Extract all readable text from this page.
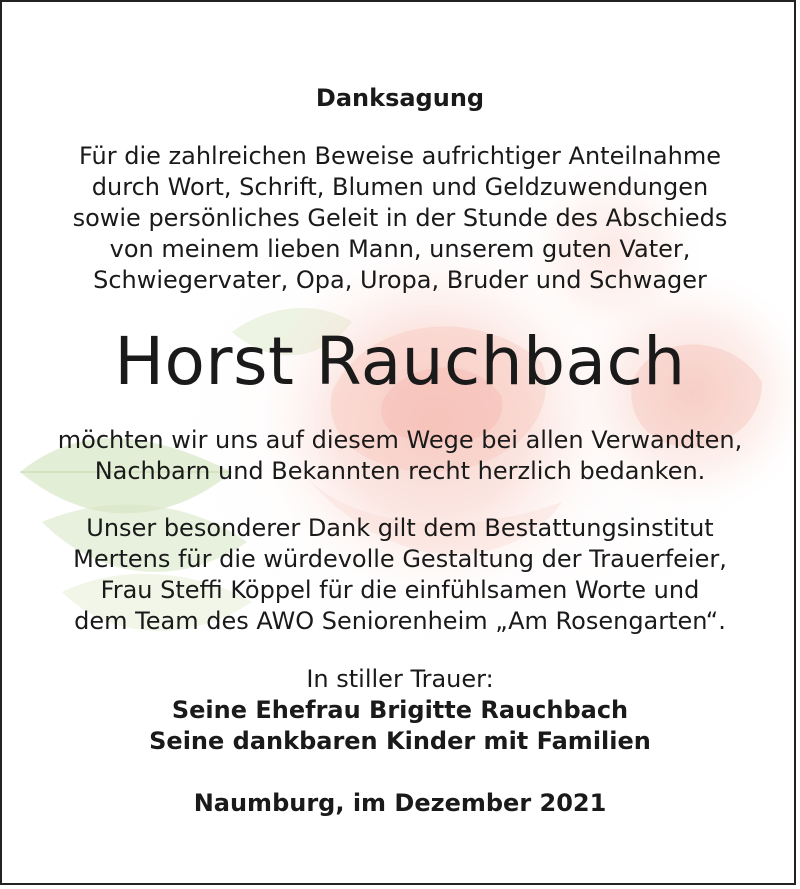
Danksagung
Für die zahlreichen Beweise aufrichtiger Anteilnahme
durch Wort, Schrift, Blumen und Geldzuwendungen
sowie persönliches Geleit in der Stunde des Abschieds
von meinem lieben Mann, unserem guten Vater,
Schwiegervater, Opa, Uropa, Bruder und Schwager
Horst Rauchbach
möchten wir uns auf diesem Wege bei allen Verwandten,
Nachbarn und Bekannten recht herzlich bedanken.
Unser besonderer Dank gilt dem Bestattungsinstitut
Mertens für die würdevolle Gestaltung der Trauerfeier,
Frau Steffi Köppel für die einfühlsamen Worte und
dem Team des AWO Seniorenheim „Am Rosengarten“.
In stiller Trauer:
Seine Ehefrau Brigitte Rauchbach
Seine dankbaren Kinder mit Familien
Naumburg, im Dezember 2021
